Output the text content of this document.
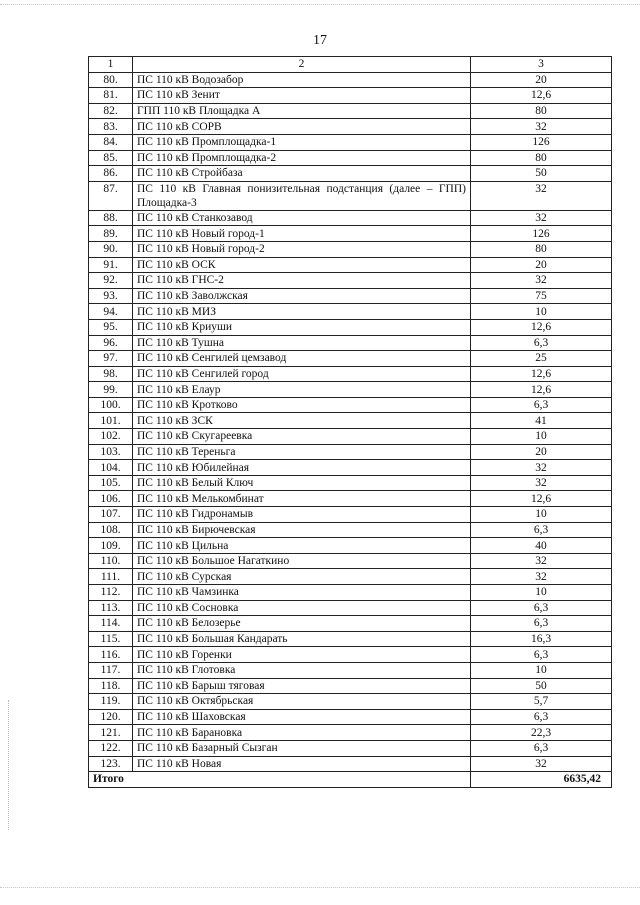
17
1	2	3
80.	ПС 110 кВ Водозабор	20
81.	ПС 110 кВ Зенит	12,6
82.	ГПП 110 кВ Площадка А	80
83.	ПС 110 кВ СОРВ	32
84.	ПС 110 кВ Промплощадка-1	126
85.	ПС 110 кВ Промплощадка-2	80
86.	ПС 110 кВ Стройбаза	50
87.	ПС 110 кВ Главная понизительная подстанция (далее – ГПП) Площадка-3	32
88.	ПС 110 кВ Станкозавод	32
89.	ПС 110 кВ Новый город-1	126
90.	ПС 110 кВ Новый город-2	80
91.	ПС 110 кВ ОСК	20
92.	ПС 110 кВ ГНС-2	32
93.	ПС 110 кВ Заволжская	75
94.	ПС 110 кВ МИЗ	10
95.	ПС 110 кВ Криуши	12,6
96.	ПС 110 кВ Тушна	6,3
97.	ПС 110 кВ Сенгилей цемзавод	25
98.	ПС 110 кВ Сенгилей город	12,6
99.	ПС 110 кВ Елаур	12,6
100.	ПС 110 кВ Кротково	6,3
101.	ПС 110 кВ ЗСК	41
102.	ПС 110 кВ Скугареевка	10
103.	ПС 110 кВ Тереньга	20
104.	ПС 110 кВ Юбилейная	32
105.	ПС 110 кВ Белый Ключ	32
106.	ПС 110 кВ Мелькомбинат	12,6
107.	ПС 110 кВ Гидронамыв	10
108.	ПС 110 кВ Бирючевская	6,3
109.	ПС 110 кВ Цильна	40
110.	ПС 110 кВ Большое Нагаткино	32
111.	ПС 110 кВ Сурская	32
112.	ПС 110 кВ Чамзинка	10
113.	ПС 110 кВ Сосновка	6,3
114.	ПС 110 кВ Белозерье	6,3
115.	ПС 110 кВ Большая Кандарать	16,3
116.	ПС 110 кВ Горенки	6,3
117.	ПС 110 кВ Глотовка	10
118.	ПС 110 кВ Барыш тяговая	50
119.	ПС 110 кВ Октябрьская	5,7
120.	ПС 110 кВ Шаховская	6,3
121.	ПС 110 кВ Барановка	22,3
122.	ПС 110 кВ Базарный Сызган	6,3
123.	ПС 110 кВ Новая	32
Итого		6635,42
